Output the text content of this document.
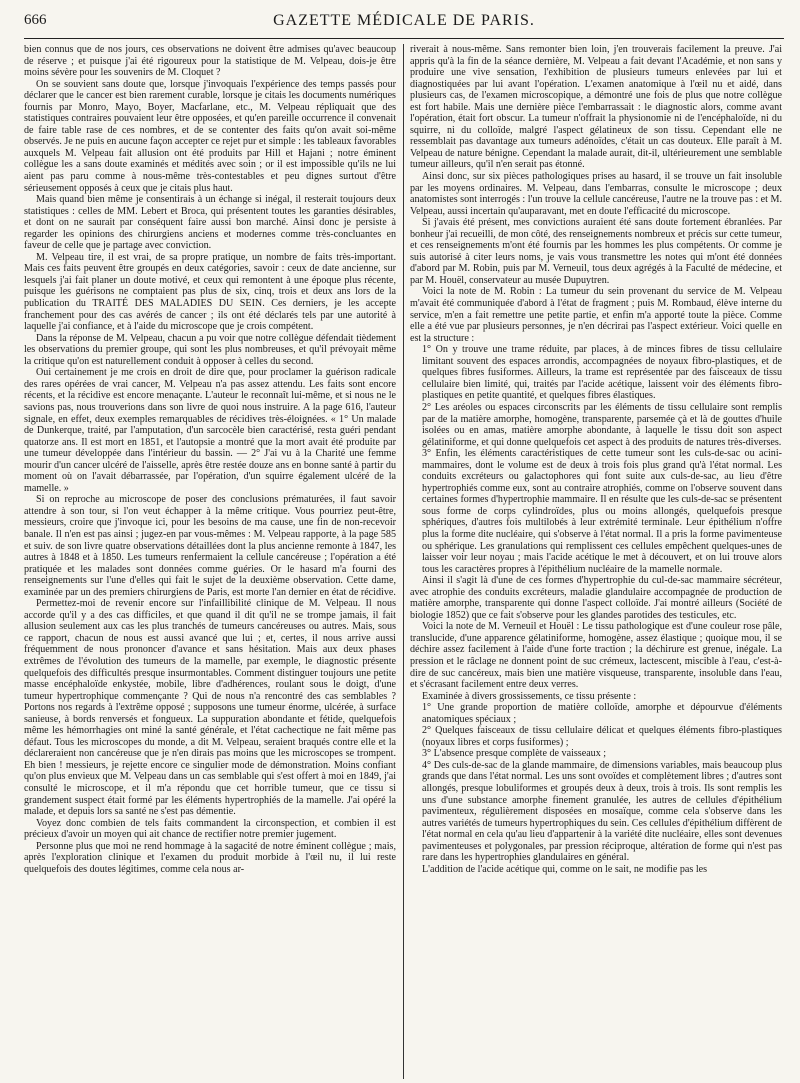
666	GAZETTE MÉDICALE DE PARIS.

bien connus que de nos jours, ces observations ne doivent être admises qu'avec beaucoup de réserve ; et puisque j'ai été rigoureux pour la statistique de M. Velpeau, dois-je être moins sévère pour les souvenirs de M. Cloquet ?

On se souvient sans doute que, lorsque j'invoquais l'expérience des temps passés pour déclarer que le cancer est bien rarement curable, lorsque je citais les documents numériques fournis par Monro, Mayo, Boyer, Macfarlane, etc., M. Velpeau répliquait que des statistiques contraires pouvaient leur être opposées, et qu'en pareille occurrence il convenait de faire table rase de ces nombres, et de se contenter des faits qu'on avait soi-même observés. Je ne puis en aucune façon accepter ce rejet pur et simple : les tableaux favorables auxquels M. Velpeau fait allusion ont été produits par Hill et Hajani ; notre éminent collègue les a sans doute examinés et médités avec soin ; or il est impossible qu'ils ne lui aient pas paru comme à nous-même très-contestables et peu dignes surtout d'être sérieusement opposés à ceux que je citais plus haut.

Mais quand bien même je consentirais à un échange si inégal, il resterait toujours deux statistiques : celles de MM. Lebert et Broca, qui présentent toutes les garanties désirables, et dont on ne saurait par conséquent faire aussi bon marché. Ainsi donc je persiste à regarder les opinions des chirurgiens anciens et modernes comme très-concluantes en faveur de celle que je partage avec conviction.

M. Velpeau tire, il est vrai, de sa propre pratique, un nombre de faits très-important. Mais ces faits peuvent être groupés en deux catégories, savoir : ceux de date ancienne, sur lesquels j'ai fait planer un doute motivé, et ceux qui remontent à une époque plus récente, puisque les guérisons ne comptaient pas plus de six, cinq, trois et deux ans lors de la publication du TRAITÉ DES MALADIES DU SEIN. Ces derniers, je les accepte franchement pour des cas avérés de cancer ; ils ont été déclarés tels par une autorité à laquelle j'ai confiance, et à l'aide du microscope que je crois compétent.

Dans la réponse de M. Velpeau, chacun a pu voir que notre collègue défendait tièdement les observations du premier groupe, qui sont les plus nombreuses, et qu'il prévoyait même la critique qu'on est naturellement conduit à opposer à celles du second.

Oui certainement je me crois en droit de dire que, pour proclamer la guérison radicale des rares opérées de vrai cancer, M. Velpeau n'a pas assez attendu. Les faits sont encore récents, et la récidive est encore menaçante. L'auteur le reconnaît lui-même, et si nous ne le savions pas, nous trouverions dans son livre de quoi nous instruire. A la page 616, l'auteur signale, en effet, deux exemples remarquables de récidives très-éloignées. « 1° Un malade de Dunkerque, traité, par l'amputation, d'un sarcocèle bien caractérisé, resta guéri pendant quatorze ans. Il est mort en 1851, et l'autopsie a montré que la mort avait été produite par une tumeur développée dans l'intérieur du bassin. — 2° J'ai vu à la Charité une femme mourir d'un cancer ulcéré de l'aisselle, après être restée douze ans en bonne santé à partir du moment où on l'avait débarrassée, par l'opération, d'un squirre également ulcéré de la mamelle. »

Si on reproche au microscope de poser des conclusions prématurées, il faut savoir attendre à son tour, si l'on veut échapper à la même critique. Vous pourriez peut-être, messieurs, croire que j'invoque ici, pour les besoins de ma cause, une fin de non-recevoir banale. Il n'en est pas ainsi ; jugez-en par vous-mêmes : M. Velpeau rapporte, à la page 585 et suiv. de son livre quatre observations détaillées dont la plus ancienne remonte à 1847, les autres à 1848 et à 1850. Les tumeurs renfermaient la cellule cancéreuse ; l'opération a été pratiquée et les malades sont données comme guéries. Or le hasard m'a fourni des renseignements sur l'une d'elles qui fait le sujet de la deuxième observation. Cette dame, examinée par un des premiers chirurgiens de Paris, est morte l'an dernier en état de récidive.

Permettez-moi de revenir encore sur l'infaillibilité clinique de M. Velpeau. Il nous accorde qu'il y a des cas difficiles, et que quand il dit qu'il ne se trompe jamais, il fait allusion seulement aux cas les plus tranchés de tumeurs cancéreuses ou autres. Mais, sous ce rapport, chacun de nous est aussi avancé que lui ; et, certes, il nous arrive aussi fréquemment de nous prononcer d'avance et sans hésitation. Mais aux deux phases extrêmes de l'évolution des tumeurs de la mamelle, par exemple, le diagnostic présente quelquefois des difficultés presque insurmontables. Comment distinguer toujours une petite masse encéphaloïde enkystée, mobile, libre d'adhérences, roulant sous le doigt, d'une tumeur hypertrophique commençante ? Qui de nous n'a rencontré des cas semblables ? Portons nos regards à l'extrême opposé ; supposons une tumeur énorme, ulcérée, à surface sanieuse, à bords renversés et fongueux. La suppuration abondante et fétide, quelquefois même les hémorrhagies ont miné la santé générale, et l'état cachectique ne fait même pas défaut. Tous les microscopes du monde, a dit M. Velpeau, seraient braqués contre elle et la déclareraient non cancéreuse que je n'en dirais pas moins que les microscopes se trompent. Eh bien ! messieurs, je rejette encore ce singulier mode de démonstration. Moins confiant qu'on plus envieux que M. Velpeau dans un cas semblable qui s'est offert à moi en 1849, j'ai consulté le microscope, et il m'a répondu que cet horrible tumeur, que ce tissu si grandement suspect était formé par les éléments hypertrophiés de la mamelle. J'ai opéré la malade, et depuis lors sa santé ne s'est pas démentie.

Voyez donc combien de tels faits commandent la circonspection, et combien il est précieux d'avoir un moyen qui ait chance de rectifier notre premier jugement.

Personne plus que moi ne rend hommage à la sagacité de notre éminent collègue ; mais, après l'exploration clinique et l'examen du produit morbide à l'œil nu, il lui reste quelquefois des doutes légitimes, comme cela nous ar-

riverait à nous-même. Sans remonter bien loin, j'en trouverais facilement la preuve. J'ai appris qu'à la fin de la séance dernière, M. Velpeau a fait devant l'Académie, et non sans y produire une vive sensation, l'exhibition de plusieurs tumeurs enlevées par lui et diagnostiquées par lui avant l'opération. L'examen anatomique à l'œil nu et aidé, dans plusieurs cas, de l'examen microscopique, a démontré une fois de plus que notre collègue est fort habile. Mais une dernière pièce l'embarrassait : le diagnostic alors, comme avant l'opération, était fort obscur. La tumeur n'offrait la physionomie ni de l'encéphaloïde, ni du squirre, ni du colloïde, malgré l'aspect gélatineux de son tissu. Cependant elle ne ressemblait pas davantage aux tumeurs adénoïdes, c'était un cas douteux. Elle paraît à M. Velpeau de nature bénigne. Cependant la malade aurait, dit-il, ultérieurement une semblable tumeur ailleurs, qu'il n'en serait pas étonné.

Ainsi donc, sur six pièces pathologiques prises au hasard, il se trouve un fait insoluble par les moyens ordinaires. M. Velpeau, dans l'embarras, consulte le microscope ; deux anatomistes sont interrogés : l'un trouve la cellule cancéreuse, l'autre ne la trouve pas : et M. Velpeau, aussi incertain qu'auparavant, met en doute l'efficacité du microscope.

Si j'avais été présent, mes convictions auraient été sans doute fortement ébranlées. Par bonheur j'ai recueilli, de mon côté, des renseignements nombreux et précis sur cette tumeur, et ces renseignements m'ont été fournis par les hommes les plus compétents. Or comme je suis autorisé à citer leurs noms, je vais vous transmettre les notes qui m'ont été données d'abord par M. Robin, puis par M. Verneuil, tous deux agrégés à la Faculté de médecine, et par M. Houël, conservateur au musée Dupuytren.

Voici la note de M. Robin : La tumeur du sein provenant du service de M. Velpeau m'avait été communiquée d'abord à l'état de fragment ; puis M. Rombaud, élève interne du service, m'en a fait remettre une petite partie, et enfin m'a apporté toute la pièce. Comme elle a été vue par plusieurs personnes, je n'en décrirai pas l'aspect extérieur. Voici quelle en est la structure :

1° On y trouve une trame réduite, par places, à de minces fibres de tissu cellulaire limitant souvent des espaces arrondis, accompagnées de noyaux fibro-plastiques, et de quelques fibres fusiformes. Ailleurs, la trame est représentée par des faisceaux de tissu cellulaire bien limité, qui, traités par l'acide acétique, laissent voir des éléments fibro-plastiques en petite quantité, et quelques fibres élastiques.

2° Les aréoles ou espaces circonscrits par les éléments de tissu cellulaire sont remplis par de la matière amorphe, homogène, transparente, parsemée çà et là de gouttes d'huile isolées ou en amas, matière amorphe abondante, à laquelle le tissu doit son aspect gélatiniforme, et qui donne quelquefois cet aspect à des produits de natures très-diverses.

3° Enfin, les éléments caractéristiques de cette tumeur sont les culs-de-sac ou acini-mammaires, dont le volume est de deux à trois fois plus grand qu'à l'état normal. Les conduits excréteurs ou galactophores qui font suite aux culs-de-sac, au lieu d'être hypertrophiés comme eux, sont au contraire atrophiés, comme on l'observe souvent dans certaines formes d'hypertrophie mammaire. Il en résulte que les culs-de-sac se présentent sous forme de corps cylindroïdes, plus ou moins allongés, quelquefois presque sphériques, d'autres fois multilobés à leur extrémité terminale. Leur épithélium n'offre plus la forme dite nucléaire, qui s'observe à l'état normal. Il a pris la forme pavimenteuse ou sphérique. Les granulations qui remplissent ces cellules empêchent quelques-unes de laisser voir leur noyau ; mais l'acide acétique le met à découvert, et on lui trouve alors tous les caractères propres à l'épithélium nucléaire de la mamelle normale.

Ainsi il s'agit là d'une de ces formes d'hypertrophie du cul-de-sac mammaire sécréteur, avec atrophie des conduits excréteurs, maladie glandulaire accompagnée de production de matière amorphe, transparente qui donne l'aspect colloïde. J'ai montré ailleurs (Société de biologie 1852) que ce fait s'observe pour les glandes parotides des testicules, etc.

Voici la note de M. Verneuil et Houël : Le tissu pathologique est d'une couleur rose pâle, translucide, d'une apparence gélatiniforme, homogène, assez élastique ; quoique mou, il se déchire assez facilement à l'aide d'une forte traction ; la déchirure est grenue, inégale. La pression et le râclage ne donnent point de suc crémeux, lactescent, miscible à l'eau, c'est-à-dire de suc cancéreux, mais bien une matière visqueuse, transparente, insoluble dans l'eau, et s'écrasant facilement entre deux verres.

Examinée à divers grossissements, ce tissu présente :

1° Une grande proportion de matière colloïde, amorphe et dépourvue d'éléments anatomiques spéciaux ;

2° Quelques faisceaux de tissu cellulaire délicat et quelques éléments fibro-plastiques (noyaux libres et corps fusiformes) ;

3° L'absence presque complète de vaisseaux ;

4° Des culs-de-sac de la glande mammaire, de dimensions variables, mais beaucoup plus grands que dans l'état normal. Les uns sont ovoïdes et complètement libres ; d'autres sont allongés, presque lobuliformes et groupés deux à deux, trois à trois. Ils sont remplis les uns d'une substance amorphe finement granulée, les autres de cellules d'épithélium pavimenteux, régulièrement disposées en mosaïque, comme cela s'observe dans les autres variétés de tumeurs hypertrophiques du sein. Ces cellules d'épithélium diffèrent de l'état normal en cela qu'au lieu d'appartenir à la variété dite nucléaire, elles sont devenues pavimenteuses et polygonales, par pression réciproque, altération de forme qui n'est pas rare dans les hypertrophies glandulaires en général.

L'addition de l'acide acétique qui, comme on le sait, ne modifie pas les
